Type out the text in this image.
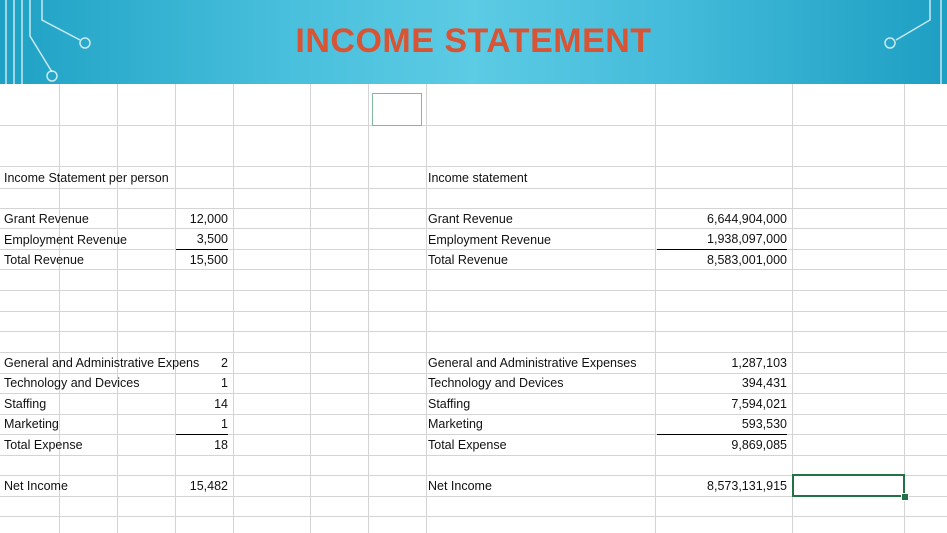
INCOME STATEMENT
Income Statement per person
Grant Revenue	12,000
Employment Revenue	3,500
Total Revenue	15,500
General and Administrative Expens	2
Technology and Devices	1
Staffing	14
Marketing	1
Total Expense	18
Net Income	15,482
Income statement
Grant Revenue	6,644,904,000
Employment Revenue	1,938,097,000
Total Revenue	8,583,001,000
General and Administrative Expenses	1,287,103
Technology and Devices	394,431
Staffing	7,594,021
Marketing	593,530
Total Expense	9,869,085
Net Income	8,573,131,915
